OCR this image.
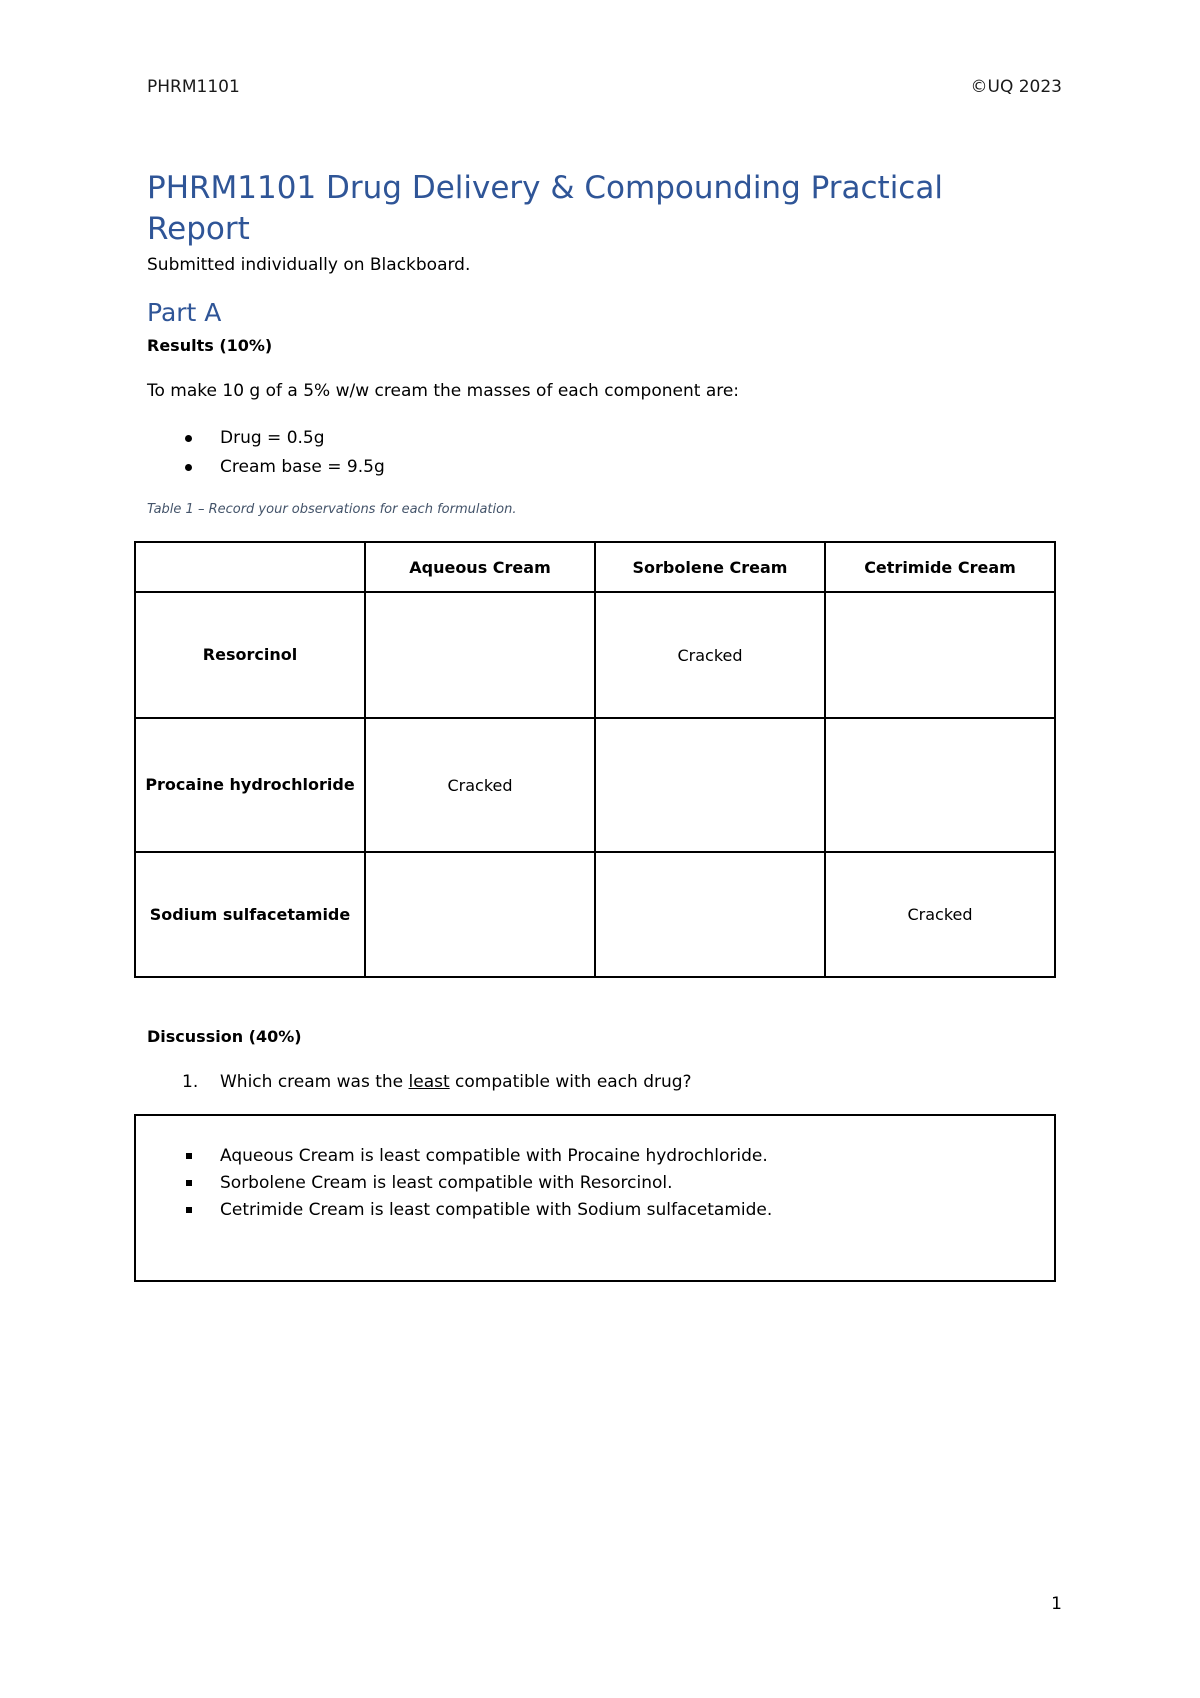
PHRM1101	©UQ 2023
PHRM1101 Drug Delivery & Compounding Practical Report
Submitted individually on Blackboard.
Part A
Results (10%)
To make 10 g of a 5% w/w cream the masses of each component are:
Drug = 0.5g
Cream base = 9.5g
Table 1 – Record your observations for each formulation.
	Aqueous Cream	Sorbolene Cream	Cetrimide Cream
Resorcinol		Cracked	
Procaine hydrochloride	Cracked		
Sodium sulfacetamide			Cracked
Discussion (40%)
1. Which cream was the least compatible with each drug?
Aqueous Cream is least compatible with Procaine hydrochloride.
Sorbolene Cream is least compatible with Resorcinol.
Cetrimide Cream is least compatible with Sodium sulfacetamide.
1
